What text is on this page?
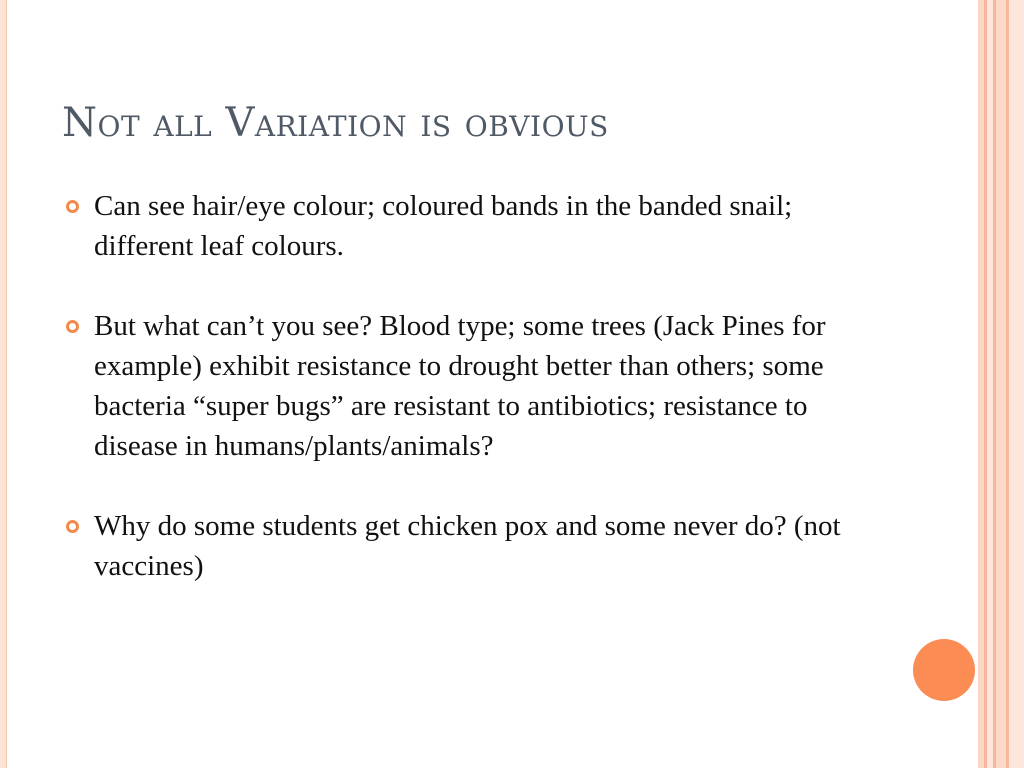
Not all Variation is obvious
Can see hair/eye colour; coloured bands in the banded snail; different leaf colours.
But what can’t you see? Blood type; some trees (Jack Pines for example) exhibit resistance to drought better than others; some bacteria “super bugs” are resistant to antibiotics; resistance to disease in humans/plants/animals?
Why do some students get chicken pox and some never do? (not vaccines)
